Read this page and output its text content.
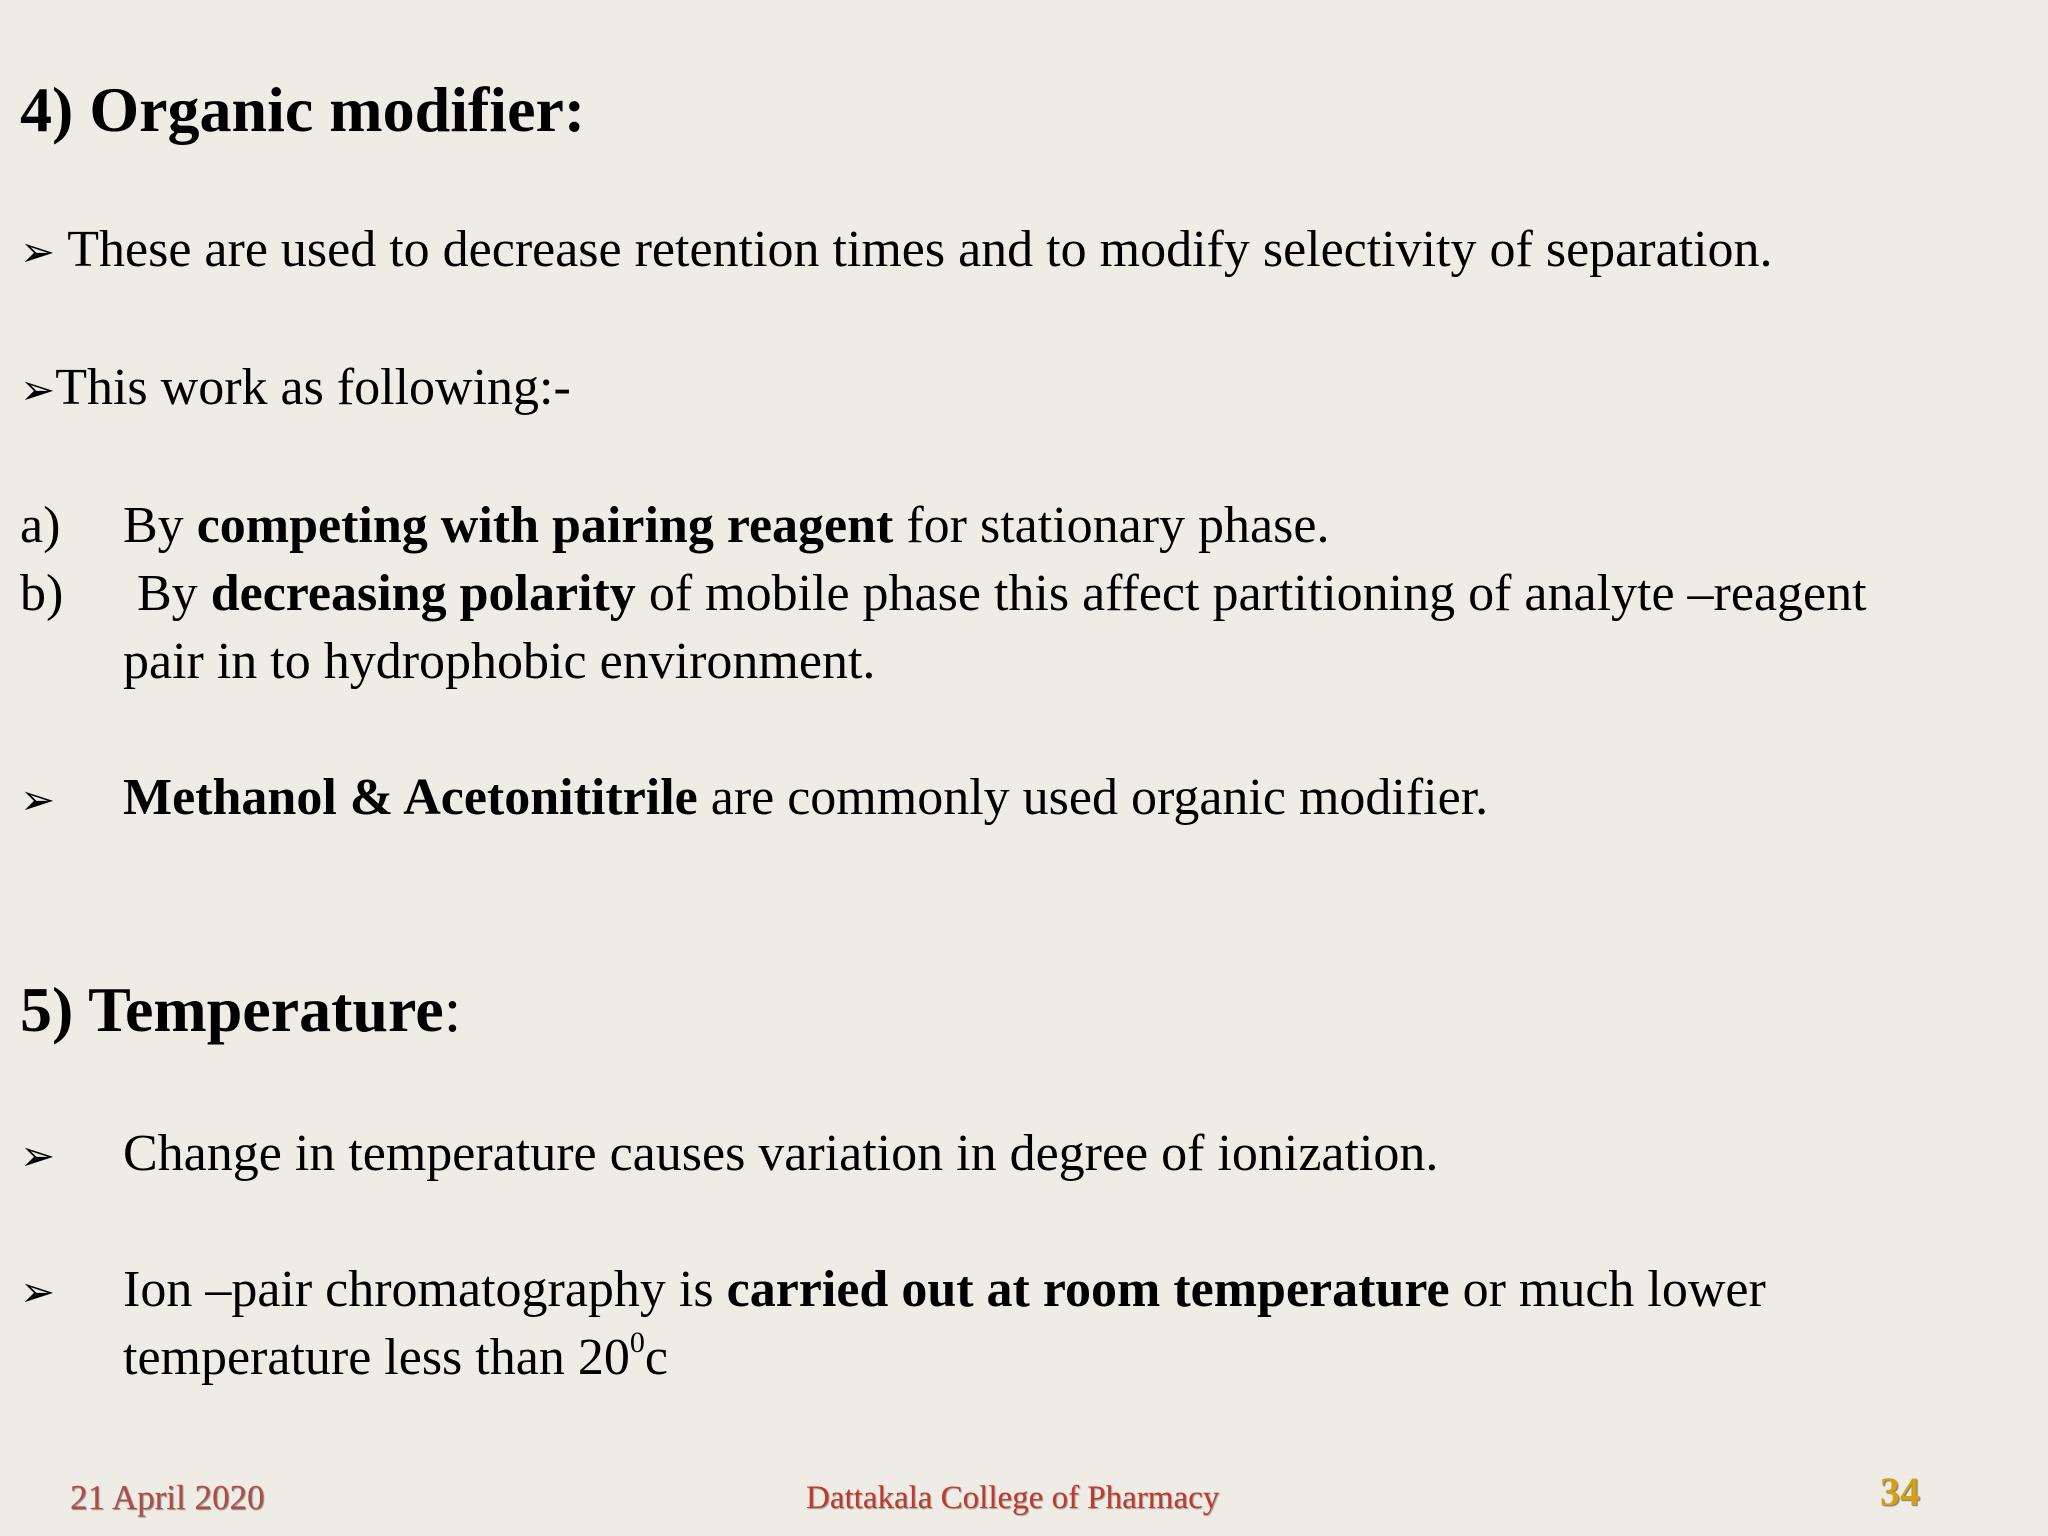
4) Organic modifier:
➢ These are used to decrease retention times and to modify selectivity of separation.
➢This work as following:-
a) By competing with pairing reagent for stationary phase.
b) By decreasing polarity of mobile phase this affect partitioning of analyte –reagent
pair in to hydrophobic environment.
➢ Methanol & Acetonititrile are commonly used organic modifier.
5) Temperature:
➢ Change in temperature causes variation in degree of ionization.
➢ Ion –pair chromatography is carried out at room temperature or much lower
temperature less than $20^0c$
21 April 2020	Dattakala College of Pharmacy	34
